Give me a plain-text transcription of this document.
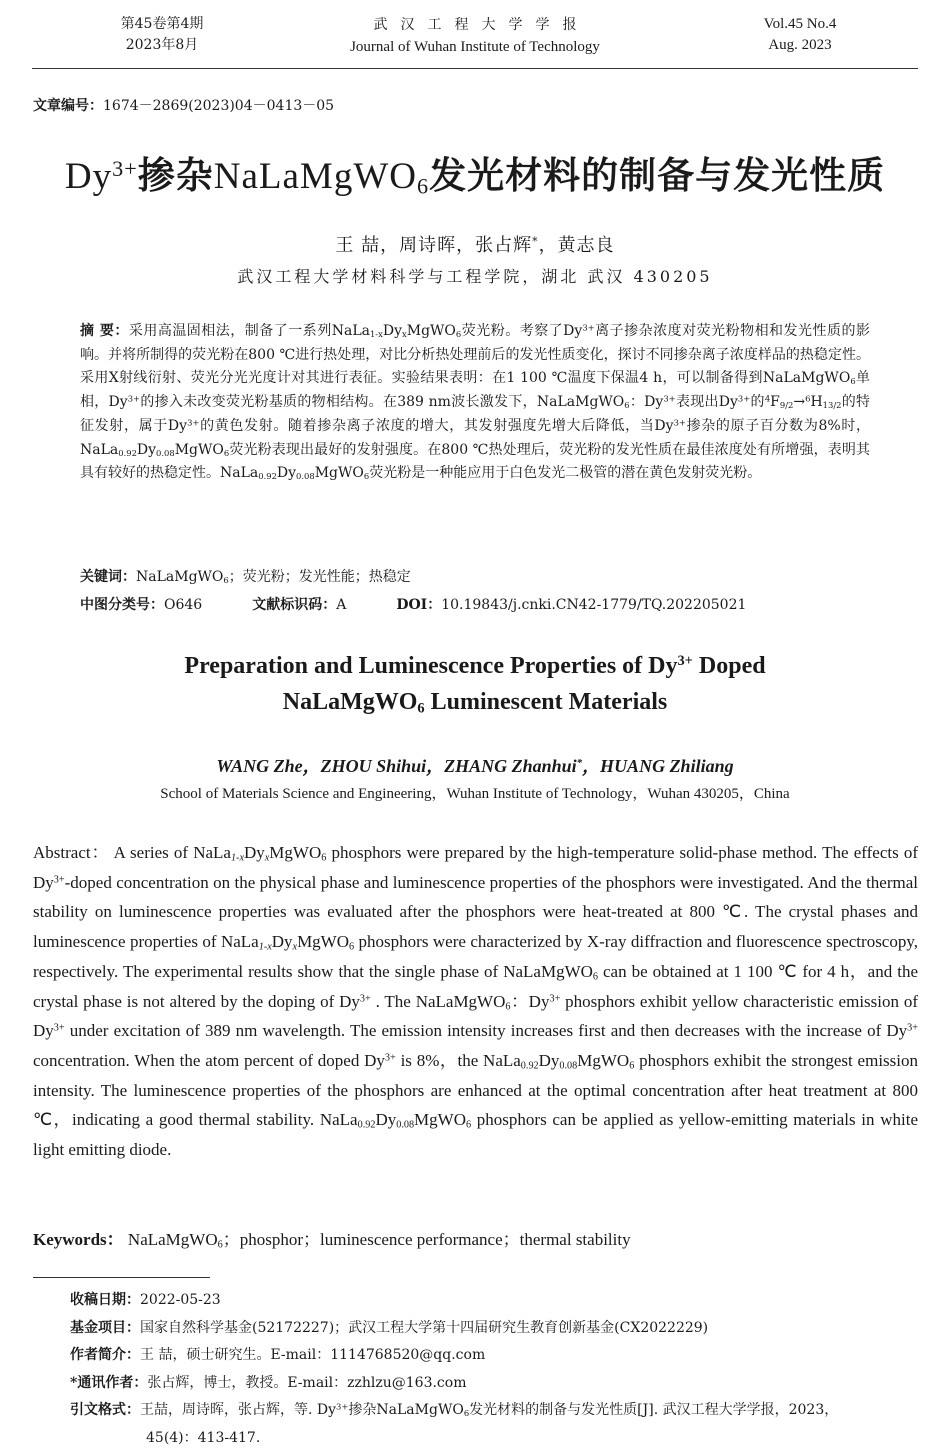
第45卷第4期
2023年8月
武汉工程大学学报
Journal of Wuhan Institute of Technology
Vol.45 No.4
Aug. 2023
文章编号：1674－2869(2023)04－0413－05
$Dy^{3+}$掺杂NaLaMgWO$_6$发光材料的制备与发光性质
王 喆，周诗晖，张占辉*，黄志良
武汉工程大学材料科学与工程学院，湖北 武汉 430205
摘 要：采用高温固相法，制备了一系列$NaLa_{1-x}Dy_xMgWO_6$荧光粉。考察了$Dy^{3+}$离子掺杂浓度对荧光粉物相和发光性质的影响。并将所制得的荧光粉在800 ℃进行热处理，对比分析热处理前后的发光性质变化，探讨不同掺杂离子浓度样品的热稳定性。采用X射线衍射、荧光分光光度计对其进行表征。实验结果表明：在1 100 ℃温度下保温4 h，可以制备得到NaLaMgWO$_6$单相，$Dy^{3+}$的掺入未改变荧光粉基质的物相结构。在389 nm波长激发下，NaLaMgWO$_6$：$Dy^{3+}$表现出$Dy^{3+}$的$^4F_{9/2}\to^6H_{13/2}$的特征发射，属于$Dy^{3+}$的黄色发射。随着掺杂离子浓度的增大，其发射强度先增大后降低，当$Dy^{3+}$掺杂的原子百分数为8%时，$NaLa_{0.92}Dy_{0.08}MgWO_6$荧光粉表现出最好的发射强度。在800 ℃热处理后，荧光粉的发光性质在最佳浓度处有所增强，表明其具有较好的热稳定性。$NaLa_{0.92}Dy_{0.08}MgWO_6$荧光粉是一种能应用于白色发光二极管的潜在黄色发射荧光粉。
关键词：NaLaMgWO$_6$；荧光粉；发光性能；热稳定
中图分类号：O646	文献标识码：A	DOI：10.19843/j.cnki.CN42-1779/TQ.202205021
Preparation and Luminescence Properties of $Dy^{3+}$ Doped
NaLaMgWO$_6$ Luminescent Materials
WANG Zhe，ZHOU Shihui，ZHANG Zhanhui*，HUANG Zhiliang
School of Materials Science and Engineering，Wuhan Institute of Technology，Wuhan 430205，China
Abstract： A series of $NaLa_{1-x}Dy_xMgWO_6$ phosphors were prepared by the high-temperature solid-phase method. The effects of $Dy^{3+}$-doped concentration on the physical phase and luminescence properties of the phosphors were investigated. And the thermal stability on luminescence properties was evaluated after the phosphors were heat-treated at 800 ℃. The crystal phases and luminescence properties of $NaLa_{1-x}Dy_xMgWO_6$ phosphors were characterized by X-ray diffraction and fluorescence spectroscopy, respectively. The experimental results show that the single phase of NaLaMgWO$_6$ can be obtained at 1 100 ℃ for 4 h，and the crystal phase is not altered by the doping of $Dy^{3+}$ . The NaLaMgWO$_6$：$Dy^{3+}$ phosphors exhibit yellow characteristic emission of $Dy^{3+}$ under excitation of 389 nm wavelength. The emission intensity increases first and then decreases with the increase of $Dy^{3+}$ concentration. When the atom percent of doped $Dy^{3+}$ is 8%，the $NaLa_{0.92}Dy_{0.08}MgWO_6$ phosphors exhibit the strongest emission intensity. The luminescence properties of the phosphors are enhanced at the optimal concentration after heat treatment at 800 ℃，indicating a good thermal stability. $NaLa_{0.92}Dy_{0.08}MgWO_6$ phosphors can be applied as yellow-emitting materials in white light emitting diode.
Keywords： NaLaMgWO$_6$；phosphor；luminescence performance；thermal stability
收稿日期：2022-05-23
基金项目：国家自然科学基金(52172227)；武汉工程大学第十四届研究生教育创新基金(CX2022229)
作者简介：王 喆，硕士研究生。E-mail：1114768520@qq.com
*通讯作者：张占辉，博士，教授。E-mail：zzhlzu@163.com
引文格式：王喆，周诗晖，张占辉，等. $Dy^{3+}$掺杂NaLaMgWO$_6$发光材料的制备与发光性质[J]. 武汉工程大学学报，2023，
45(4)：413-417.
